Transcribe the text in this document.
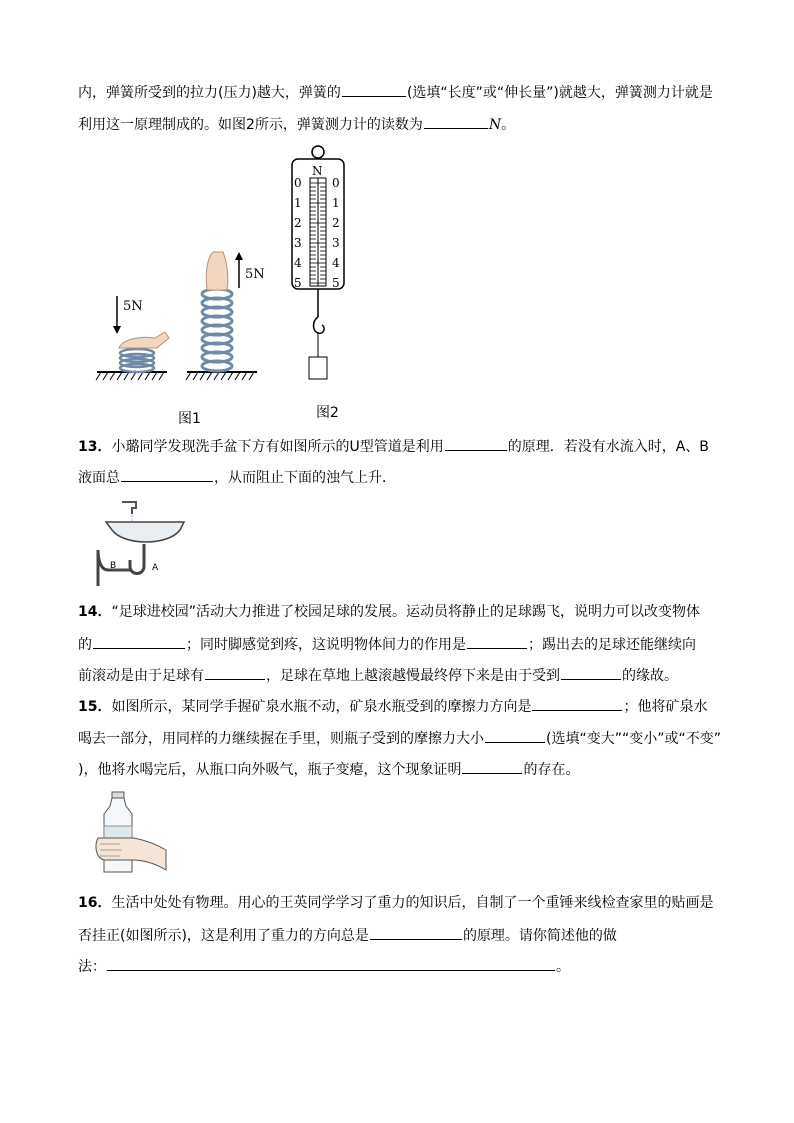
内，弹簧所受到的拉力(压力)越大，弹簧的	(选填“长度”或“伸长量”)就越大，弹簧测力计就是
利用这一原理制成的。如图2所示，弹簧测力计的读数为	N。
5N
5N
图1
N
0
1
2
3
4
5
0
1
2
3
4
5
图2
13．小璐同学发现洗手盆下方有如图所示的U型管道是利用	的原理．若没有水流入时，A、B
液面总	，从而阻止下面的浊气上升．
B	A
14．“足球进校园”活动大力推进了校园足球的发展。运动员将静止的足球踢飞，说明力可以改变物体
的	；同时脚感觉到疼，这说明物体间力的作用是	；踢出去的足球还能继续向
前滚动是由于足球有	，足球在草地上越滚越慢最终停下来是由于受到	的缘故。
15．如图所示，某同学手握矿泉水瓶不动，矿泉水瓶受到的摩擦力方向是	；他将矿泉水
喝去一部分，用同样的力继续握在手里，则瓶子受到的摩擦力大小	(选填“变大”“变小”或“不变”
)，他将水喝完后，从瓶口向外吸气，瓶子变瘪，这个现象证明	的存在。
16．生活中处处有物理。用心的王英同学学习了重力的知识后，自制了一个重锤来线检查家里的贴画是
否挂正(如图所示)，这是利用了重力的方向总是	的原理。请你简述他的做
法：	。
